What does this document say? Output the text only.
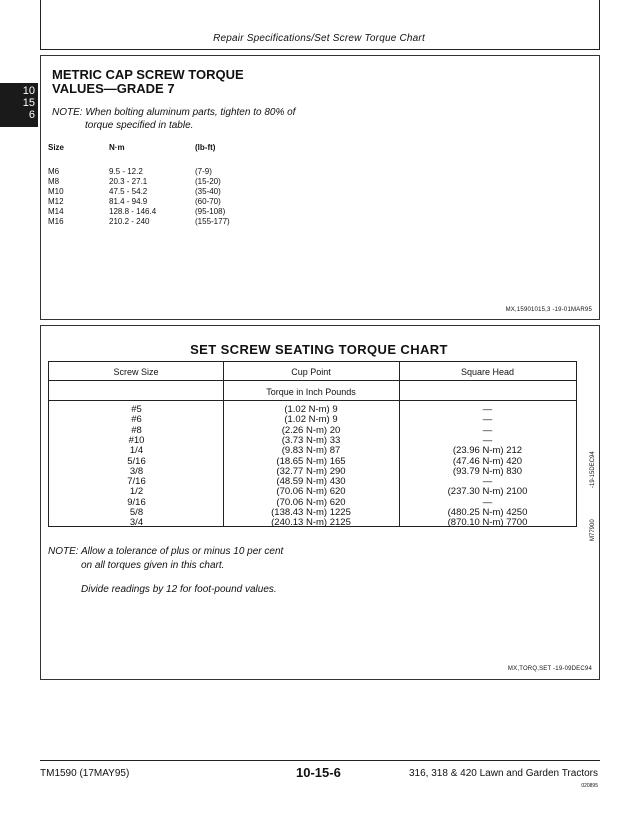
Repair Specifications/Set Screw Torque Chart
10
15
6
METRIC CAP SCREW TORQUE
VALUES—GRADE 7
NOTE: When bolting aluminum parts, tighten to 80% of
torque specified in table.
Size	N·m	(lb-ft)
M6	9.5 - 12.2	(7-9)
M8	20.3 - 27.1	(15-20)
M10	47.5 - 54.2	(35-40)
M12	81.4 - 94.9	(60-70)
M14	128.8 - 146.4	(95-108)
M16	210.2 - 240	(155-177)
MX,15901015,3 -19-01MAR95
SET SCREW SEATING TORQUE CHART
Screw Size	Cup Point	Square Head
Torque in Inch Pounds
#5	(1.02 N-m) 9	—
#6	(1.02 N-m) 9	—
#8	(2.26 N-m) 20	—
#10	(3.73 N-m) 33	—
1/4	(9.83 N-m) 87	(23.96 N-m) 212
5/16	(18.65 N-m) 165	(47.46 N-m) 420
3/8	(32.77 N-m) 290	(93.79 N-m) 830
7/16	(48.59 N-m) 430	—
1/2	(70.06 N-m) 620	(237.30 N-m) 2100
9/16	(70.06 N-m) 620	—
5/8	(138.43 N-m) 1225	(480.25 N-m) 4250
3/4	(240.13 N-m) 2125	(870.10 N-m) 7700	M77900
-19-15DEC94
NOTE: Allow a tolerance of plus or minus 10 per cent
on all torques given in this chart.
Divide readings by 12 for foot-pound values.
MX,TORQ,SET -19-09DEC94
TM1590 (17MAY95)	10-15-6	316, 318 & 420 Lawn and Garden Tractors
020895
